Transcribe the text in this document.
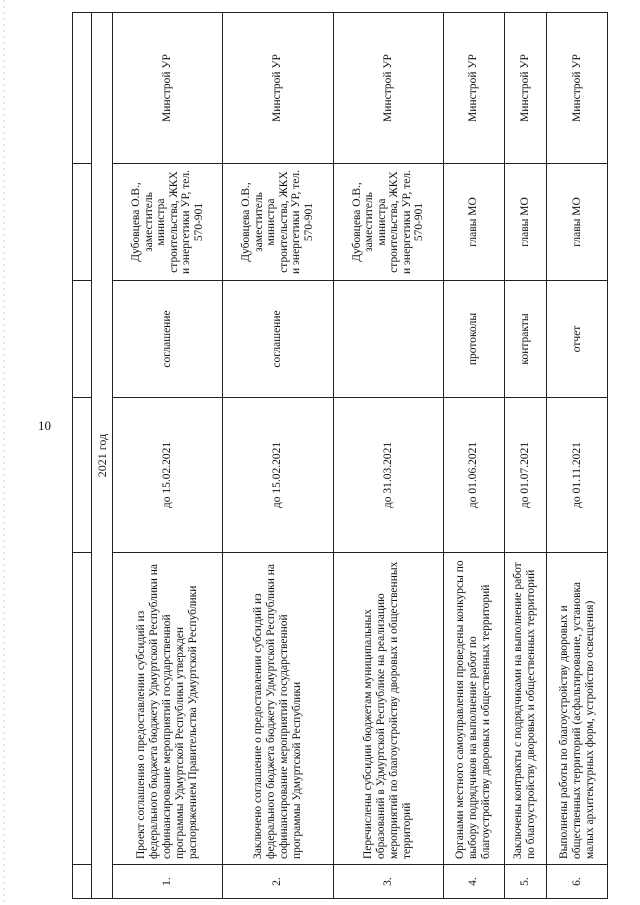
10

2021 год					
1.	Проект соглашения о предоставлении субсидий из федерального бюджета бюджету Удмуртской Республики на софинансирование мероприятий государственной программы Удмуртской Республики утвержден распоряжением Правительства Удмуртской Республики	до 15.02.2021	соглашение	Дубовцева О.В., заместитель министра строительства, ЖКХ и энергетики УР, тел. 570-901	Минстрой УР
2.	Заключено соглашение о предоставлении субсидий из федерального бюджета бюджету Удмуртской Республики на софинансирование мероприятий государственной программы Удмуртской Республики	до 15.02.2021	соглашение	Дубовцева О.В., заместитель министра строительства, ЖКХ и энергетики УР, тел. 570-901	Минстрой УР
3.	Перечислены субсидии бюджетам муниципальных образований в Удмуртской Республике на реализацию мероприятий по благоустройству дворовых и общественных территорий	до 31.03.2021		Дубовцева О.В., заместитель министра строительства, ЖКХ и энергетики УР, тел. 570-901	Минстрой УР
4.	Органами местного самоуправления проведены конкурсы по выбору подрядчиков на выполнение работ по благоустройству дворовых и общественных территорий	до 01.06.2021	протоколы	главы МО	Минстрой УР
5.	Заключены контракты с подрядчиками на выполнение работ по благоустройству дворовых и общественных территорий	до 01.07.2021	контракты	главы МО	Минстрой УР
6.	Выполнены работы по благоустройству дворовых и общественных территорий (асфальтирование, установка малых архитектурных форм, устройство освещения)	до 01.11.2021	отчет	главы МО	Минстрой УР
